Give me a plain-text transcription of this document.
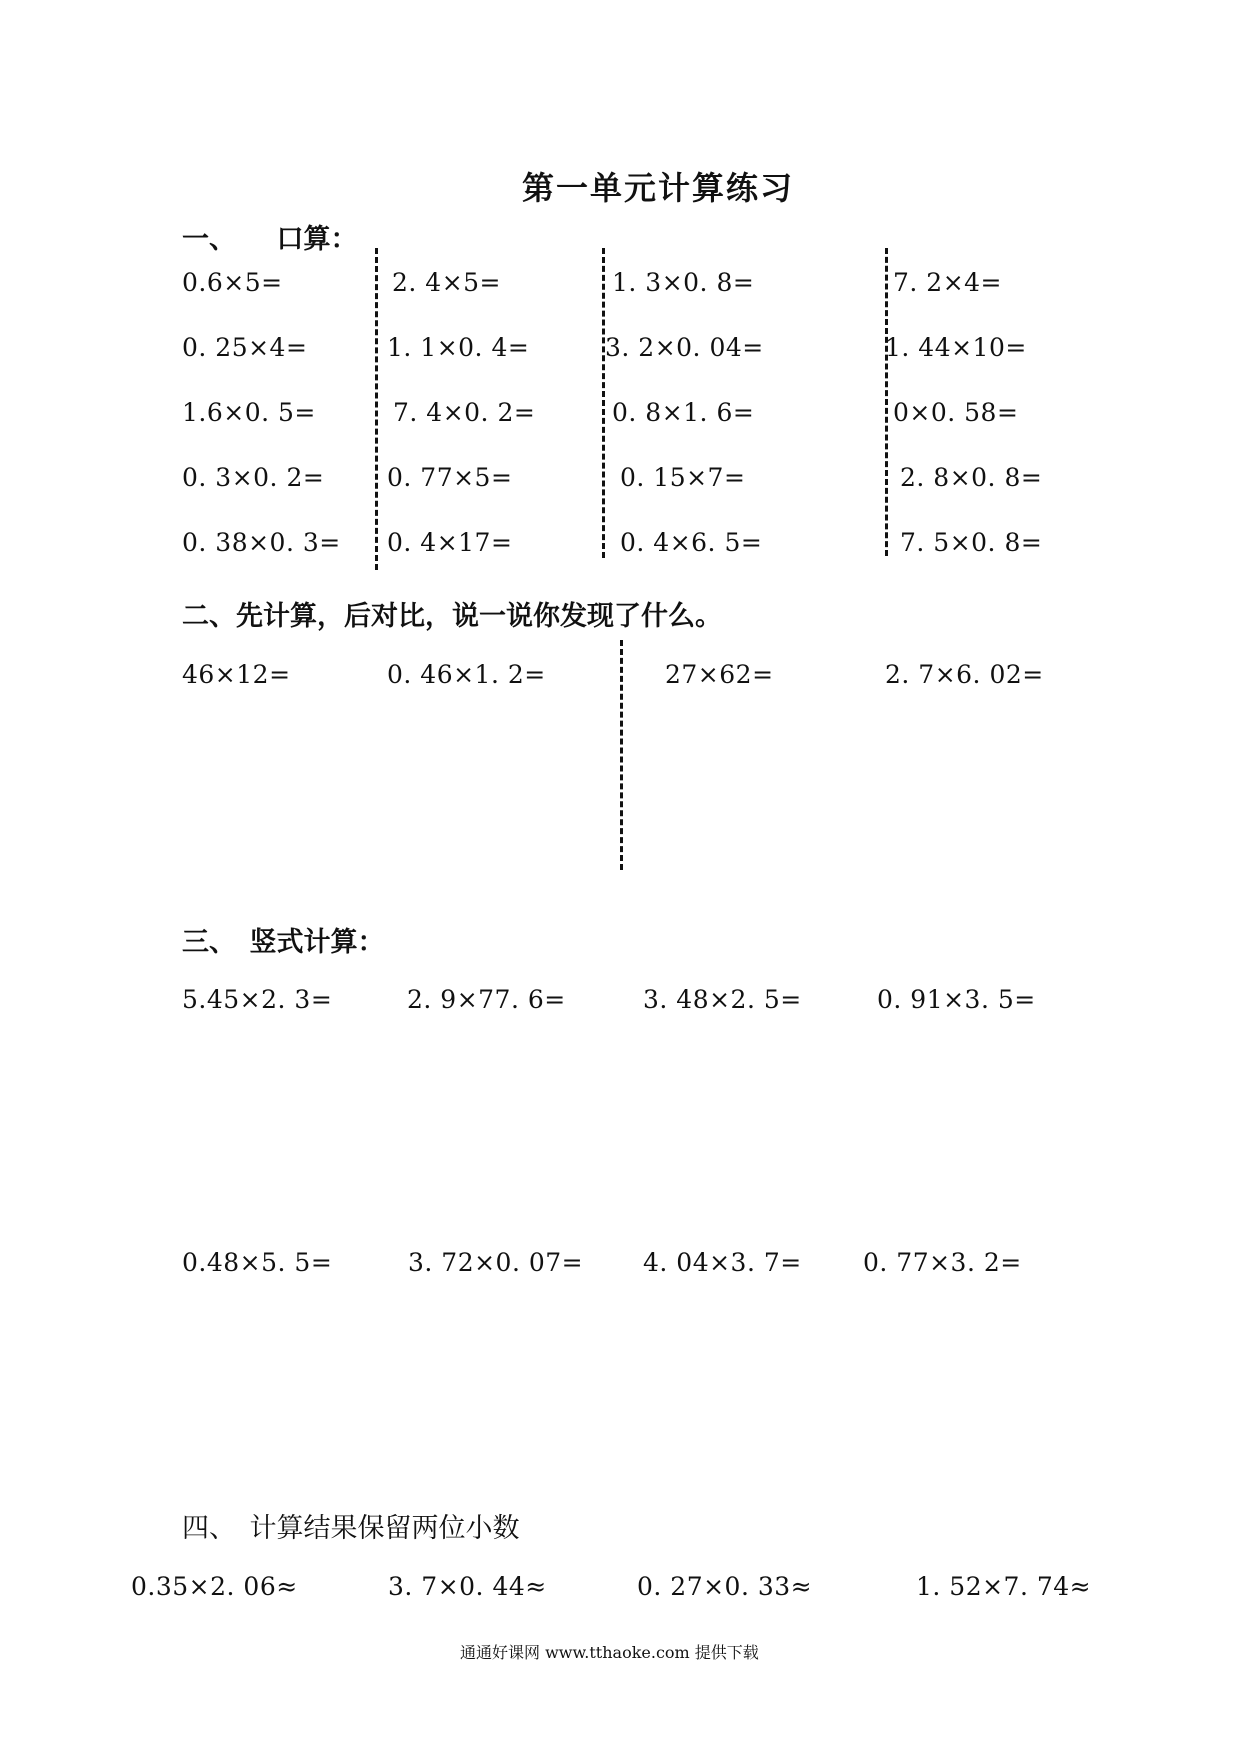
第一单元计算练习
一、　　口算：
0.6×5=	2. 4×5=	1. 3×0. 8=	7. 2×4=
0. 25×4=	1. 1×0. 4=	3. 2×0. 04=	1. 44×10=
1.6×0. 5=	7. 4×0. 2=	0. 8×1. 6=	0×0. 58=
0. 3×0. 2=	0. 77×5=	0. 15×7=	2. 8×0. 8=
0. 38×0. 3= 0. 4×17=	0. 4×6. 5=	7. 5×0. 8=
二、先计算，后对比，说一说你发现了什么。
46×12=	0. 46×1. 2=	27×62=	2. 7×6. 02=
三、　竖式计算：
5.45×2. 3=	2. 9×77. 6=	3. 48×2. 5=	0. 91×3. 5=
0.48×5. 5=	3. 72×0. 07= 4. 04×3. 7= 0. 77×3. 2=
四、　计算结果保留两位小数
0.35×2. 06≈	3. 7×0. 44≈	0. 27×0. 33≈	1. 52×7. 74≈
通通好课网 www.tthaoke.com 提供下载
